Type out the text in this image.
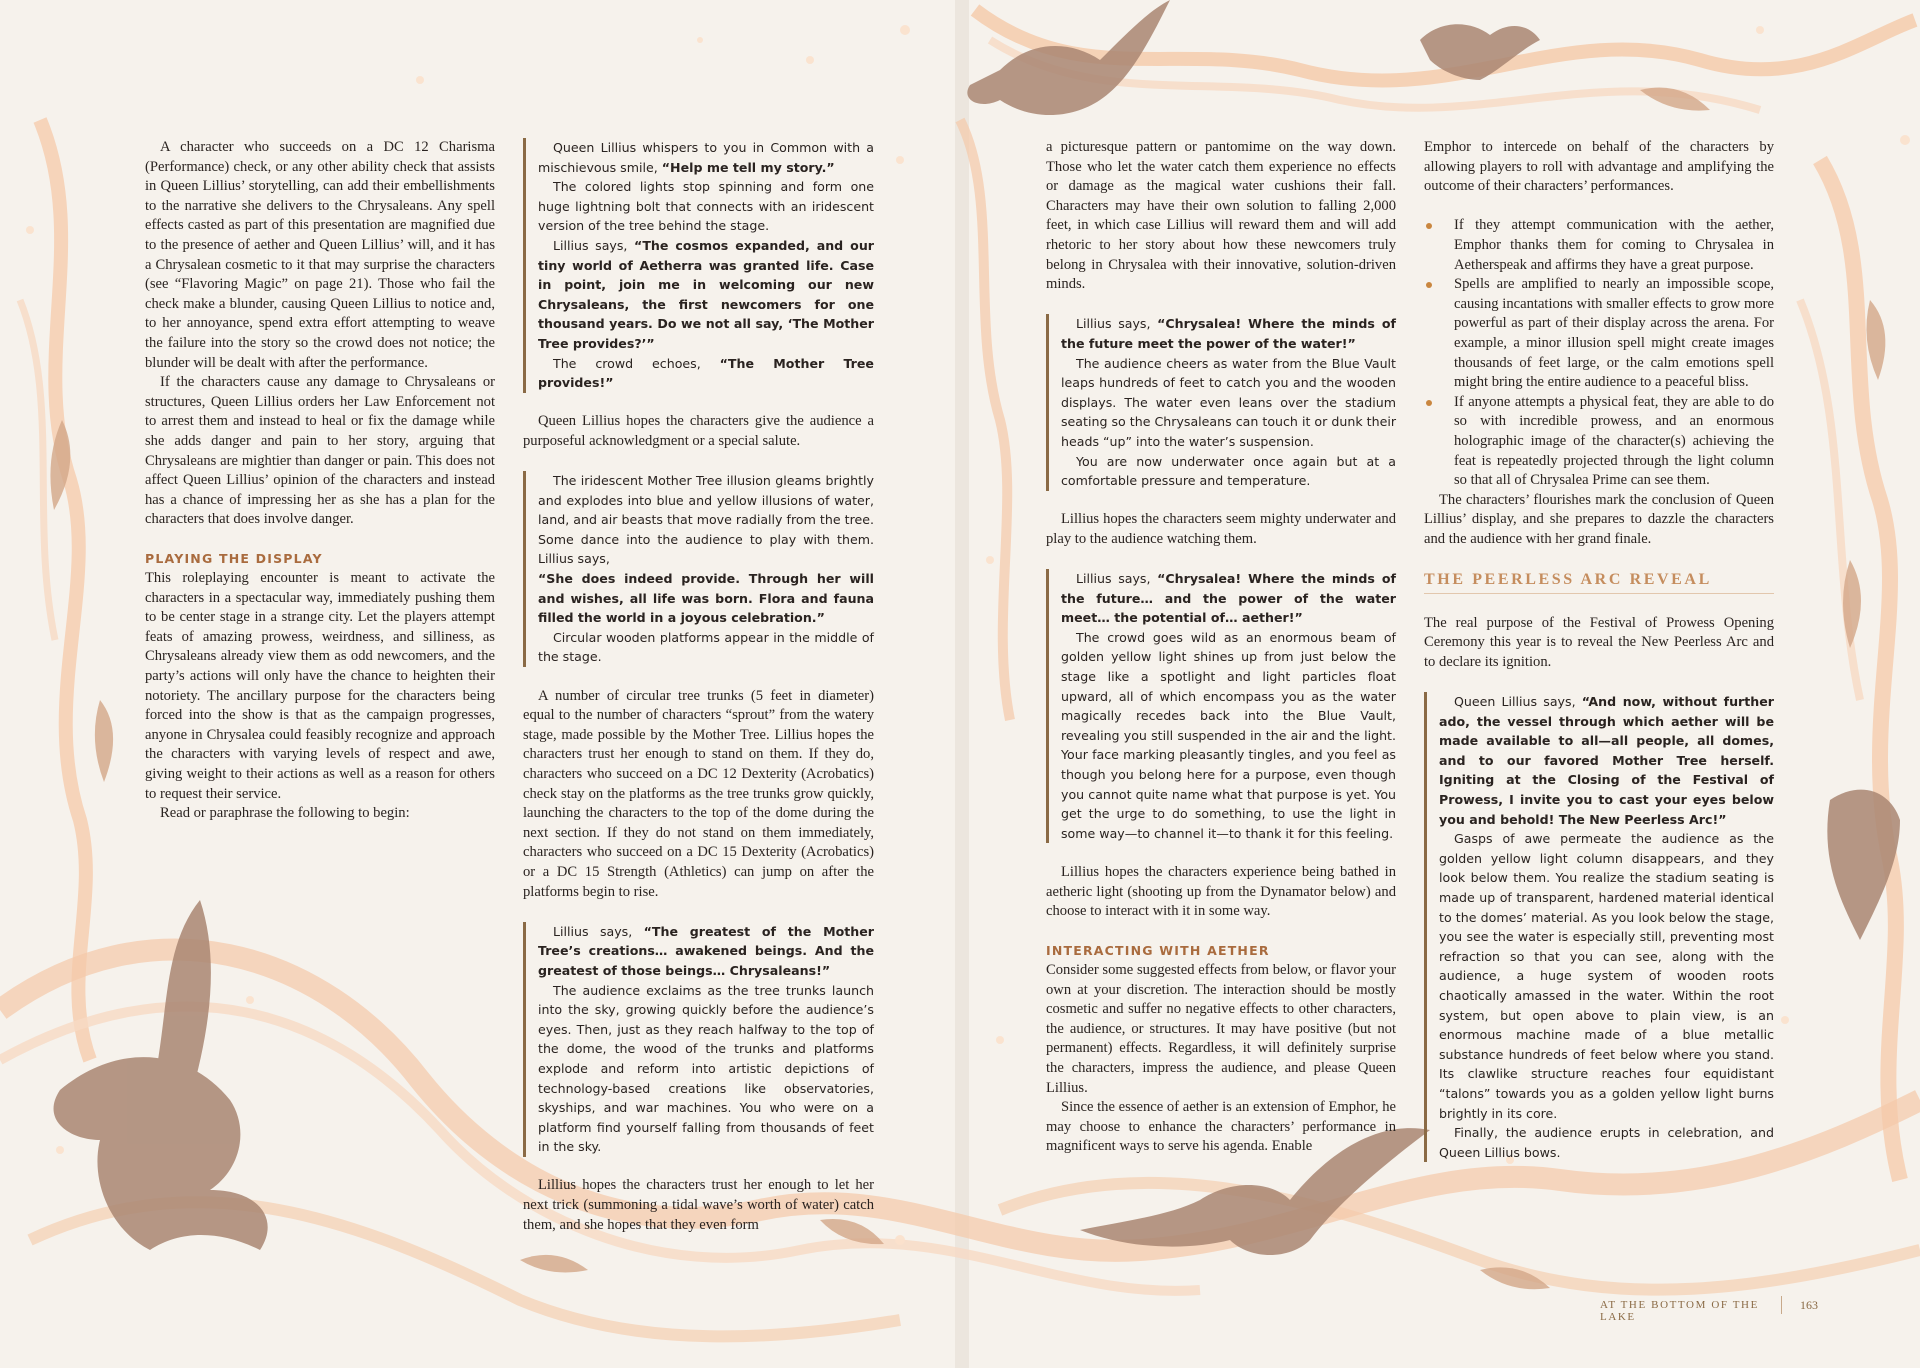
A character who succeeds on a DC 12 Charisma (Performance) check, or any other ability check that assists in Queen Lillius’ storytelling, can add their embellishments to the narrative she delivers to the Chrysaleans. Any spell effects casted as part of this presentation are magnified due to the presence of aether and Queen Lillius’ will, and it has a Chrysalean cosmetic to it that may surprise the characters (see “Flavoring Magic” on page 21). Those who fail the check make a blunder, causing Queen Lillius to notice and, to her annoyance, spend extra effort attempting to weave the failure into the story so the crowd does not notice; the blunder will be dealt with after the performance.

If the characters cause any damage to Chrysaleans or structures, Queen Lillius orders her Law Enforcement not to arrest them and instead to heal or fix the damage while she adds danger and pain to her story, arguing that Chrysaleans are mightier than danger or pain. This does not affect Queen Lillius’ opinion of the characters and instead has a chance of impressing her as she has a plan for the characters that does involve danger.

PLAYING THE DISPLAY

This roleplaying encounter is meant to activate the characters in a spectacular way, immediately pushing them to be center stage in a strange city. Let the players attempt feats of amazing prowess, weirdness, and silliness, as Chrysaleans already view them as odd newcomers, and the party’s actions will only have the chance to heighten their notoriety. The ancillary purpose for the characters being forced into the show is that as the campaign progresses, anyone in Chrysalea could feasibly recognize and approach the characters with varying levels of respect and awe, giving weight to their actions as well as a reason for others to request their service.

Read or paraphrase the following to begin:

Queen Lillius whispers to you in Common with a mischievous smile, “Help me tell my story.”

The colored lights stop spinning and form one huge lightning bolt that connects with an iridescent version of the tree behind the stage.

Lillius says, “The cosmos expanded, and our tiny world of Aetherra was granted life. Case in point, join me in welcoming our new Chrysaleans, the first newcomers for one thousand years. Do we not all say, ‘The Mother Tree provides?’”

The crowd echoes, “The Mother Tree provides!”

Queen Lillius hopes the characters give the audience a purposeful acknowledgment or a special salute.

The iridescent Mother Tree illusion gleams brightly and explodes into blue and yellow illusions of water, land, and air beasts that move radially from the tree. Some dance into the audience to play with them. Lillius says,

“She does indeed provide. Through her will and wishes, all life was born. Flora and fauna filled the world in a joyous celebration.”

Circular wooden platforms appear in the middle of the stage.

A number of circular tree trunks (5 feet in diameter) equal to the number of characters “sprout” from the watery stage, made possible by the Mother Tree. Lillius hopes the characters trust her enough to stand on them. If they do, characters who succeed on a DC 12 Dexterity (Acrobatics) check stay on the platforms as the tree trunks grow quickly, launching the characters to the top of the dome during the next section. If they do not stand on them immediately, characters who succeed on a DC 15 Dexterity (Acrobatics) or a DC 15 Strength (Athletics) can jump on after the platforms begin to rise.

Lillius says, “The greatest of the Mother Tree’s creations… awakened beings. And the greatest of those beings… Chrysaleans!”

The audience exclaims as the tree trunks launch into the sky, growing quickly before the audience’s eyes. Then, just as they reach halfway to the top of the dome, the wood of the trunks and platforms explode and reform into artistic depictions of technology-based creations like observatories, skyships, and war machines. You who were on a platform find yourself falling from thousands of feet in the sky.

Lillius hopes the characters trust her enough to let her next trick (summoning a tidal wave’s worth of water) catch them, and she hopes that they even form

a picturesque pattern or pantomime on the way down. Those who let the water catch them experience no effects or damage as the magical water cushions their fall. Characters may have their own solution to falling 2,000 feet, in which case Lillius will reward them and will add rhetoric to her story about how these newcomers truly belong in Chrysalea with their innovative, solution-driven minds.

Lillius says, “Chrysalea! Where the minds of the future meet the power of the water!”

The audience cheers as water from the Blue Vault leaps hundreds of feet to catch you and the wooden displays. The water even leans over the stadium seating so the Chrysaleans can touch it or dunk their heads “up” into the water’s suspension.

You are now underwater once again but at a comfortable pressure and temperature.

Lillius hopes the characters seem mighty underwater and play to the audience watching them.

Lillius says, “Chrysalea! Where the minds of the future… and the power of the water meet… the potential of… aether!”

The crowd goes wild as an enormous beam of golden yellow light shines up from just below the stage like a spotlight and light particles float upward, all of which encompass you as the water magically recedes back into the Blue Vault, revealing you still suspended in the air and the light. Your face marking pleasantly tingles, and you feel as though you belong here for a purpose, even though you cannot quite name what that purpose is yet. You get the urge to do something, to use the light in some way—to channel it—to thank it for this feeling.

Lillius hopes the characters experience being bathed in aetheric light (shooting up from the Dynamator below) and choose to interact with it in some way.

INTERACTING WITH AETHER

Consider some suggested effects from below, or flavor your own at your discretion. The interaction should be mostly cosmetic and suffer no negative effects to other characters, the audience, or structures. It may have positive (but not permanent) effects. Regardless, it will definitely surprise the characters, impress the audience, and please Queen Lillius.

Since the essence of aether is an extension of Emphor, he may choose to enhance the characters’ performance in magnificent ways to serve his agenda. Enable

Emphor to intercede on behalf of the characters by allowing players to roll with advantage and amplifying the outcome of their characters’ performances.

If they attempt communication with the aether, Emphor thanks them for coming to Chrysalea in Aetherspeak and affirms they have a great purpose.
Spells are amplified to nearly an impossible scope, causing incantations with smaller effects to grow more powerful as part of their display across the arena. For example, a minor illusion spell might create images thousands of feet large, or the calm emotions spell might bring the entire audience to a peaceful bliss.
If anyone attempts a physical feat, they are able to do so with incredible prowess, and an enormous holographic image of the character(s) achieving the feat is repeatedly projected through the light column so that all of Chrysalea Prime can see them.

The characters’ flourishes mark the conclusion of Queen Lillius’ display, and she prepares to dazzle the characters and the audience with her grand finale.

THE PEERLESS ARC REVEAL

The real purpose of the Festival of Prowess Opening Ceremony this year is to reveal the New Peerless Arc and to declare its ignition.

Queen Lillius says, “And now, without further ado, the vessel through which aether will be made available to all—all people, all domes, and to our favored Mother Tree herself. Igniting at the Closing of the Festival of Prowess, I invite you to cast your eyes below you and behold! The New Peerless Arc!”

Gasps of awe permeate the audience as the golden yellow light column disappears, and they look below them. You realize the stadium seating is made up of transparent, hardened material identical to the domes’ material. As you look below the stage, you see the water is especially still, preventing most refraction so that you can see, along with the audience, a huge system of wooden roots chaotically amassed in the water. Within the root system, but open above to plain view, is an enormous machine made of a blue metallic substance hundreds of feet below where you stand. Its clawlike structure reaches four equidistant “talons” towards you as a golden yellow light burns brightly in its core.

Finally, the audience erupts in celebration, and Queen Lillius bows.

AT THE BOTTOM OF THE LAKE
163
